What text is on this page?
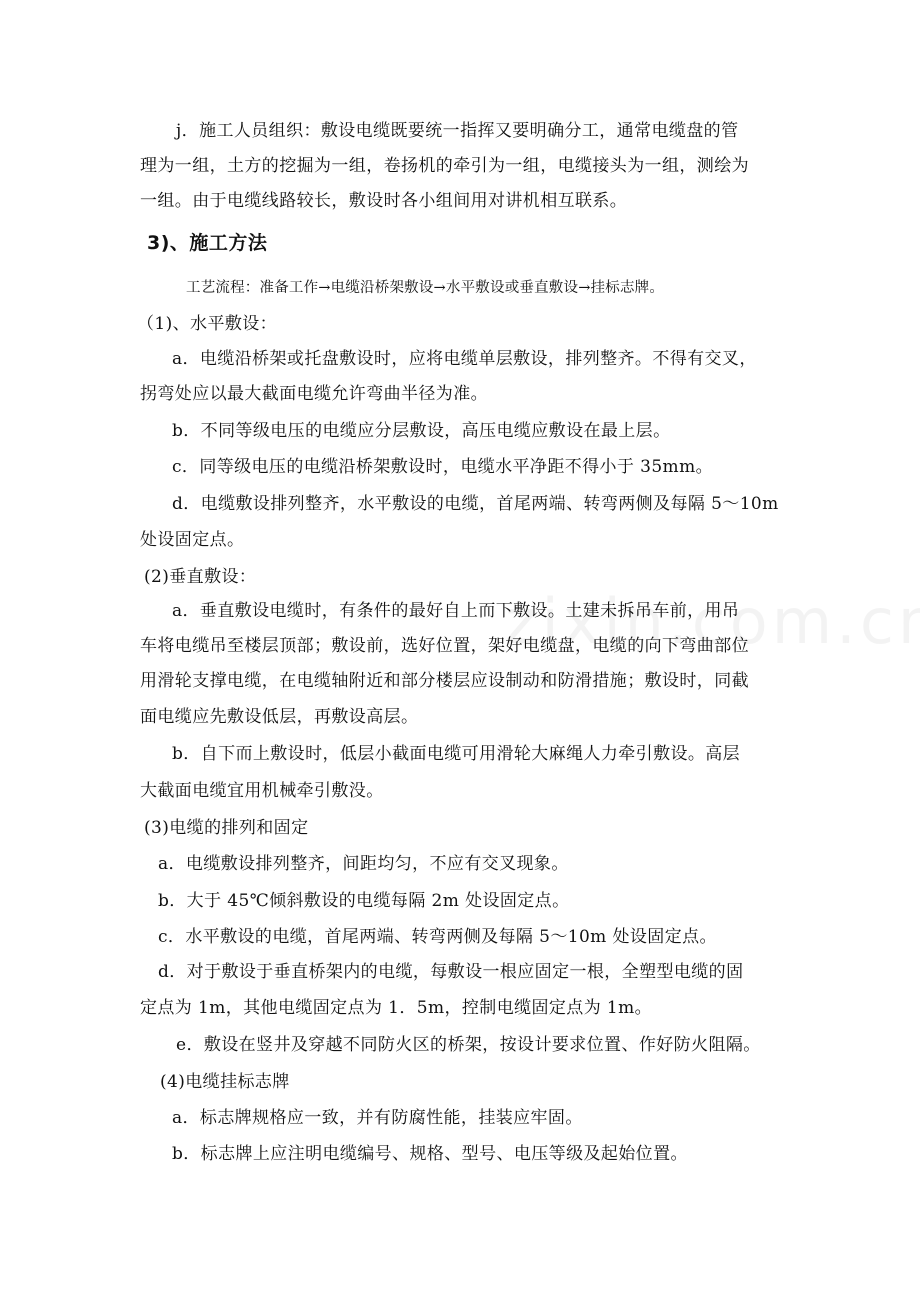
j．施工人员组织：敷设电缆既要统一指挥又要明确分工，通常电缆盘的管
理为一组，土方的挖掘为一组，卷扬机的牵引为一组，电缆接头为一组，测绘为
一组。由于电缆线路较长，敷设时各小组间用对讲机相互联系。
3)、施工方法
工艺流程：准备工作→电缆沿桥架敷设→水平敷设或垂直敷设→挂标志牌。
（1)、水平敷设：
a．电缆沿桥架或托盘敷设时，应将电缆单层敷设，排列整齐。不得有交叉，
拐弯处应以最大截面电缆允许弯曲半径为准。
b．不同等级电压的电缆应分层敷设，高压电缆应敷设在最上层。
c．同等级电压的电缆沿桥架敷设时，电缆水平净距不得小于 35mm。
d．电缆敷设排列整齐，水平敷设的电缆，首尾两端、转弯两侧及每隔 5～10m
处设固定点。
(2)垂直敷设：
a．垂直敷设电缆时，有条件的最好自上而下敷设。土建未拆吊车前，用吊
车将电缆吊至楼层顶部；敷设前，选好位置，架好电缆盘，电缆的向下弯曲部位
用滑轮支撑电缆，在电缆轴附近和部分楼层应设制动和防滑措施；敷设时，同截
面电缆应先敷设低层，再敷设高层。
b．自下而上敷设时，低层小截面电缆可用滑轮大麻绳人力牵引敷设。高层
大截面电缆宜用机械牵引敷没。
(3)电缆的排列和固定
a．电缆敷设排列整齐，间距均匀，不应有交叉现象。
b．大于 45℃倾斜敷设的电缆每隔 2m 处设固定点。
c．水平敷设的电缆，首尾两端、转弯两侧及每隔 5～10m 处设固定点。
d．对于敷设于垂直桥架内的电缆，每敷设一根应固定一根，全塑型电缆的固
定点为 1m，其他电缆固定点为 1．5m，控制电缆固定点为 1m。
e．敷设在竖井及穿越不同防火区的桥架，按设计要求位置、作好防火阻隔。
(4)电缆挂标志牌
a．标志牌规格应一致，并有防腐性能，挂装应牢固。
b．标志牌上应注明电缆编号、规格、型号、电压等级及起始位置。
